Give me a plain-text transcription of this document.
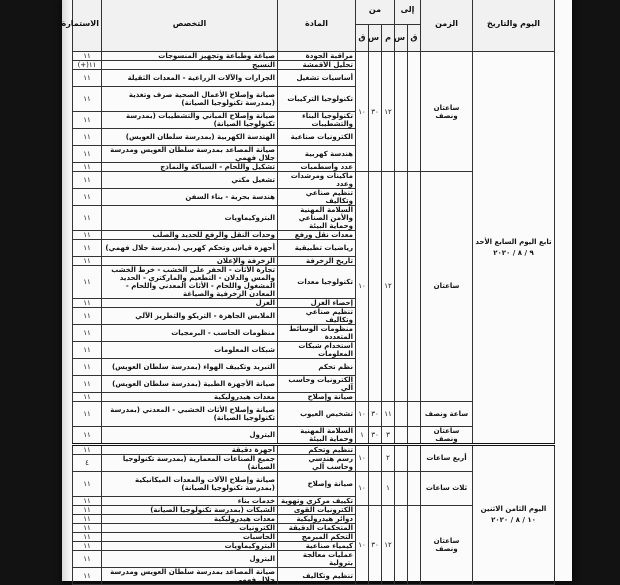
اليوم والتاريخ	الزمن	إلى		من			المادة	التخصص	الاستمارة
		ق	س	م	س	ق			

تابع اليوم السابع الأحد
٩ / ٨ / ٢٠٢٠	ساعتان ونصف			١٢	٣٠	١٠	مراقبة الجودة	صياغة وطباعة وتجهيز المنسوجات	١١
							تحليل الأقمشة	النسيج	١١(+)
							أساسيات تشغيل	الجرارات والآلات الزراعية - المعدات الثقيلة	١١
							تكنولوجيا التركيبات	صيانة وإصلاح الأعمال الصحية صرف وتغذية (بمدرسة تكنولوجيا الصيانة)	١١
							تكنولوجيا البناء والتشطيبات	صيانة وإصلاح المباني والتشطيبات (بمدرسة تكنولوجيا الصيانة)	١١
							الكترونيات صناعية	الهندسة الكهربية (بمدرسة سلطان العويس)	١١
							هندسة كهربية	صيانة المصاعد بمدرسة سلطان العويس ومدرسة جلال فهمي	١١
							عدد وأسطمبات	تشكيل واللحام - السباكة والنماذج	١١
	ساعتان			١٢		١٠	ماكينات ومرشدات وعدد	تشغيل مكني	١١
							تنظيم صناعي وتكاليف	هندسة بحرية - بناء السفن	١١
							السلامة المهنية والأمن الصناعي وحماية البيئة	البتروكيماويات	١١
							معدات نقل ورفع	وحدات النقل والرفع للحديد والصلب	١١
							رياضيات تطبيقية	أجهزة قياس وتحكم كهربي (بمدرسة جلال فهمي)	١١
							تاريخ الزخرفة	الزخرفة والإعلان	١١
							تكنولوجيا معدات	تجارة الأثاث - الحفر على الخشب - خرط الخشب والمس والدلان - التطعيم والماركتري - الحديد المشغول واللحام - الأثاث المعدني واللحام - المعادن الزخرفية والصياغة	١١
							إحصاء الغزل	الغزل	١١
							تنظيم صناعي وتكاليف	الملابس الجاهزة - التريكو والتطريز الآلي	١١
							منظومات الوسائط المتعددة	منظومات الحاسب - البرمجيات	١١
							استخدام شبكات المعلومات	شبكات المعلومات	١١
							نظم تحكم	التبريد وتكييف الهواء (بمدرسة سلطان العويس)	١١
							الكترونيات وحاسب آلي	صيانة الأجهزة الطبية (بمدرسة سلطان العويس)	١١
							صيانة وإصلاح	معدات هيدروليكية	١١
	ساعة ونصف			١١	٣٠	١٠	تشخيص العيوب	صيانة وإصلاح الأثاث الخشبي - المعدني (بمدرسة تكنولوجيا الصيانة)	١١
	ساعتان ونصف			٣	٣٠	١	السلامة المهنية وحماية البيئة	البترول	١١

اليوم الثامن الاثنين
١٠ / ٨ / ٢٠٢٠	أربع ساعات			٢		١٠	تنظيم وتحكم	أجهزة دقيقة	١١
							رسم هندسي وحاسب آلي	جميع الصناعات المعمارية (بمدرسة تكنولوجيا الصيانة)	٤
	ثلاث ساعات			١		١٠	صيانة وإصلاح	صيانة وإصلاح الآلات والمعدات الميكانيكية (بمدرسة تكنولوجيا الصيانة)	١١
							تكييف مركزي وتهوية	خدمات بناء	١١
	ساعتان ونصف			١٢	٣٠	١٠	الكترونيات القوى	الشبكات (بمدرسة تكنولوجيا الصيانة)	١١
							دوائر هيدروليكية	معدات هيدروليكية	١١
							المتحكمات الدقيقة	الكترونيات	١١
							التحكم المبرمج	الحاسبات	١١
							كيمياء صناعية	البتروكيماويات	١١
							عمليات معالجة بترولية	البترول	١١
							تنظيم وتكاليف	صيانة المصاعد بمدرسة سلطان العويس ومدرسة جلال فهمي	١١
